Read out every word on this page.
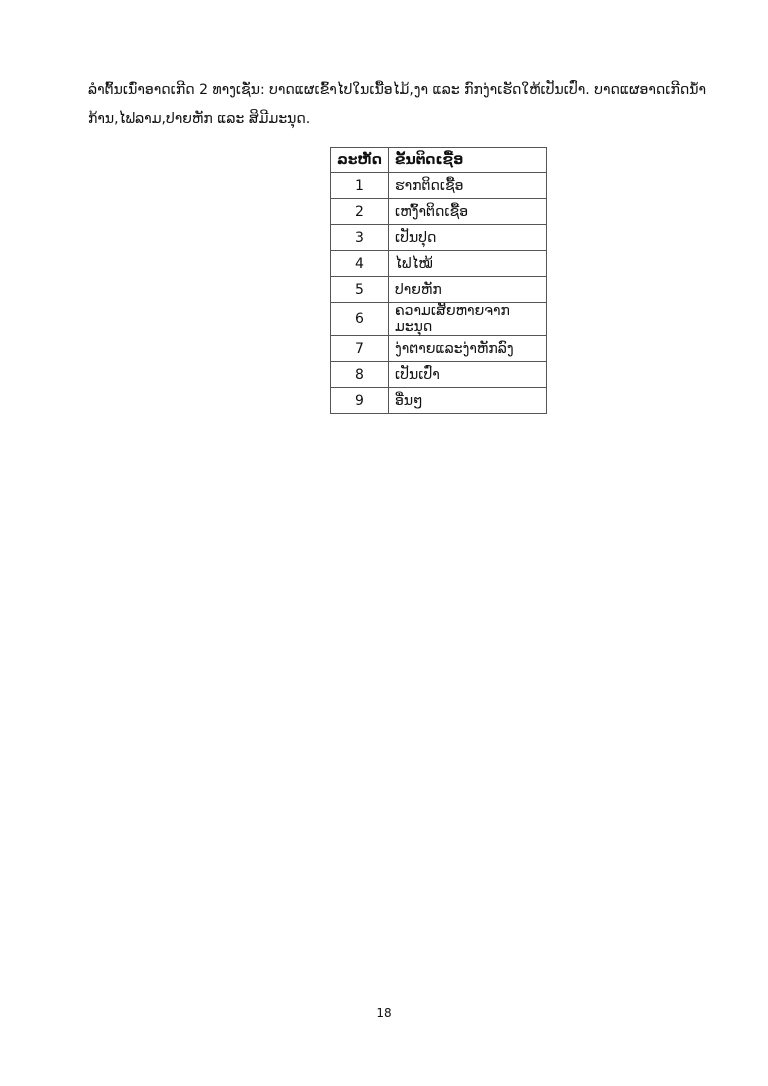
ລຳຕົ້ນເນົ່າອາດເກີດ 2 ທາງເຊັ່ນ: ບາດແຜເຂົ້າໄປໃນເນື້ອໄມ້,ງາ ແລະ ກົກງ່າເຮັດໃຫ້ເປັນເປົ່າ. ບາດແຜອາດເກີດນ້ຳ
ກ້ານ,ໄຟລາມ,ປາຍຫັກ ແລະ ສິມີມະນຸດ.

ລະຫັດ	ຂັ້ນຕິດເຊື້ອ
1	ຮາກຕິດເຊື້ອ
2	ເຫງົ້າຕິດເຊື້ອ
3	ເປັນປຸດ
4	ໄຟໄໝ້
5	ປາຍຫັກ
6	ຄວາມເສັຍຫາຍຈາກມະນຸດ
7	ງ່າຕາຍແລະງ່າຫັກລົງ
8	ເປັນເປົ່າ
9	ອື່ນໆ
18
